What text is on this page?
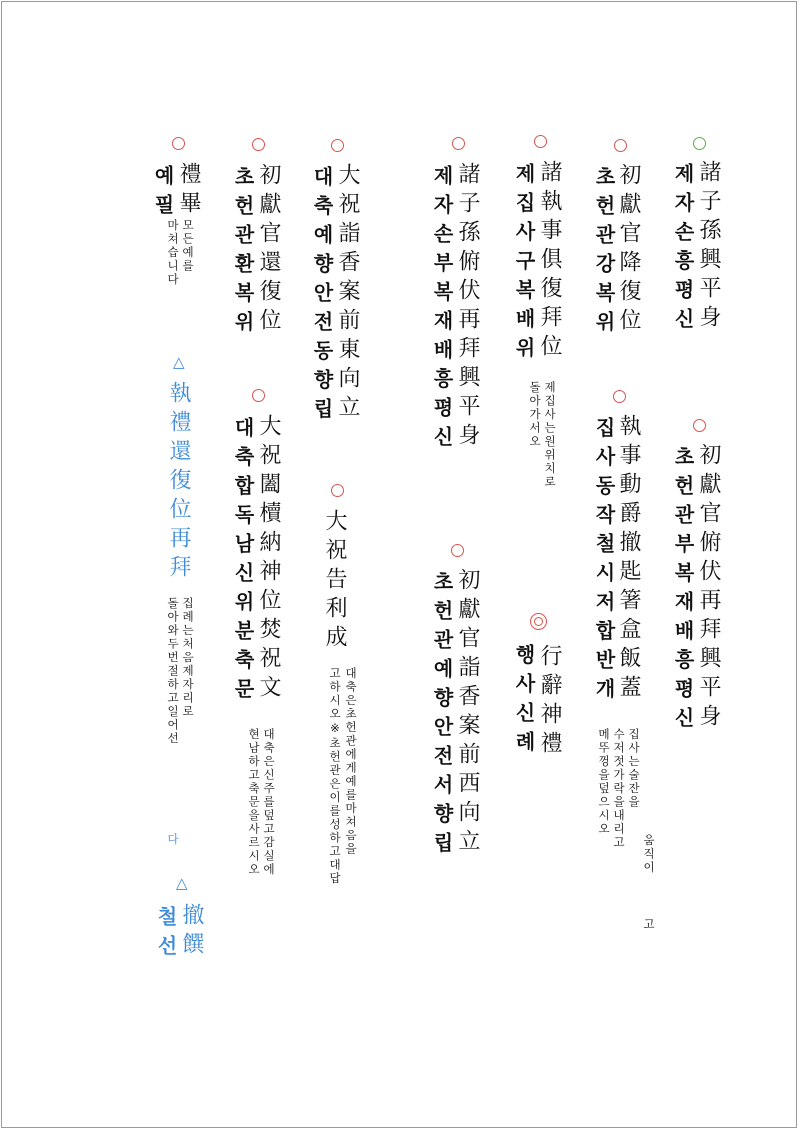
諸子孫興平身
제자손흥평신
初獻官俯伏再拜興平身
초헌관부복재배흥평신
初獻官降復位
초헌관강복위
執事動爵撤匙箸盒飯蓋
집사동작철시저합반개
집사는술잔을
수저젓가락을내리고
메뚜껑을덮으시오
움직이
고
諸執事俱復拜位
제집사구복배위
제집사는원위치로
돌아가서오
行辭神禮
행사신례
諸子孫俯伏再拜興平身
제자손부복재배흥평신
初獻官詣香案前西向立
초헌관예향안전서향립
大祝詣香案前東向立
대축예향안전동향립
大祝告利成
대축은초헌관에게예를마쳐음을
고하시오※초헌관은이를성하고대답
初獻官還復位
초헌관환복위
大祝闔櫝納神位焚祝文
대축합독남신위분축문
대축은신주를덮고감실에
현남하고축문을사르시오
禮畢
예필
모든예를
마쳐습니다
△
執禮還復位再拜
집례는처음제자리로
돌아와두번절하고일어선
다
△
撤饌
철선
